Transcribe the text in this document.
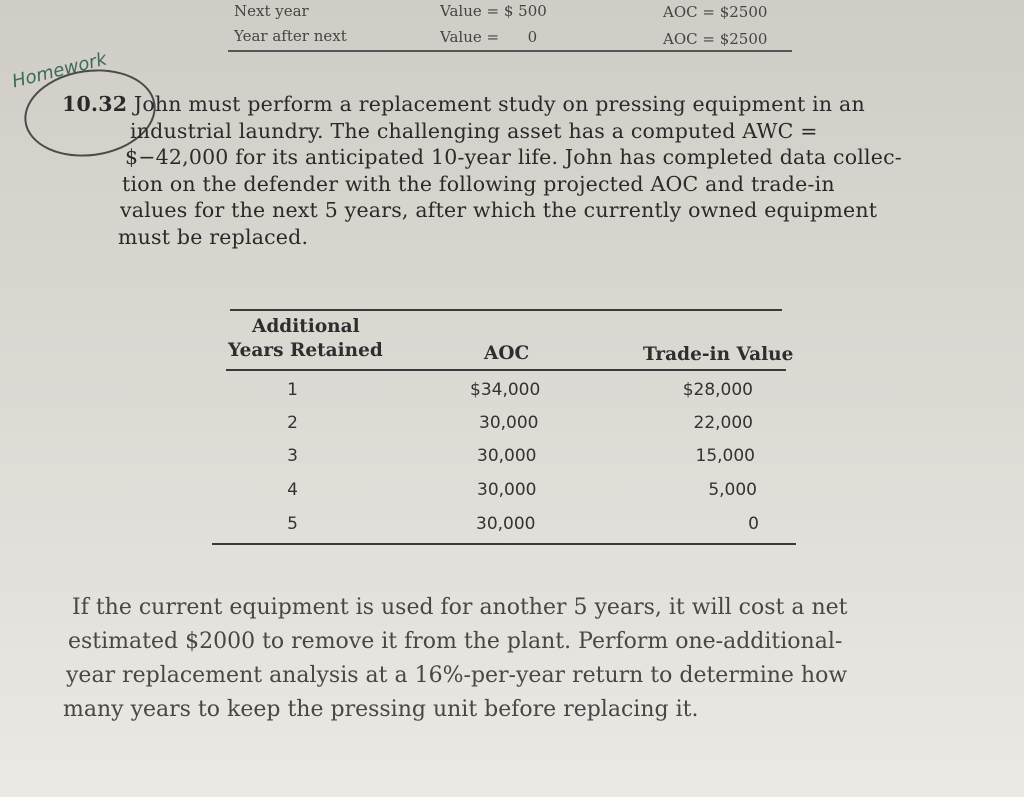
Next year	Value = $ 500	AOC = $2500
Year after next	Value =      0	AOC = $2500
Homework
10.32 John must perform a replacement study on pressing equipment in an
industrial laundry. The challenging asset has a computed AWC =
$−42,000 for its anticipated 10-year life. John has completed data collec-
tion on the defender with the following projected AOC and trade-in
values for the next 5 years, after which the currently owned equipment
must be replaced.
Additional
Years Retained	AOC	Trade-in Value
1	$34,000	$28,000
2	30,000	22,000
3	30,000	15,000
4	30,000	5,000
5	30,000	0
If the current equipment is used for another 5 years, it will cost a net
estimated $2000 to remove it from the plant. Perform one-additional-
year replacement analysis at a 16%-per-year return to determine how
many years to keep the pressing unit before replacing it.
